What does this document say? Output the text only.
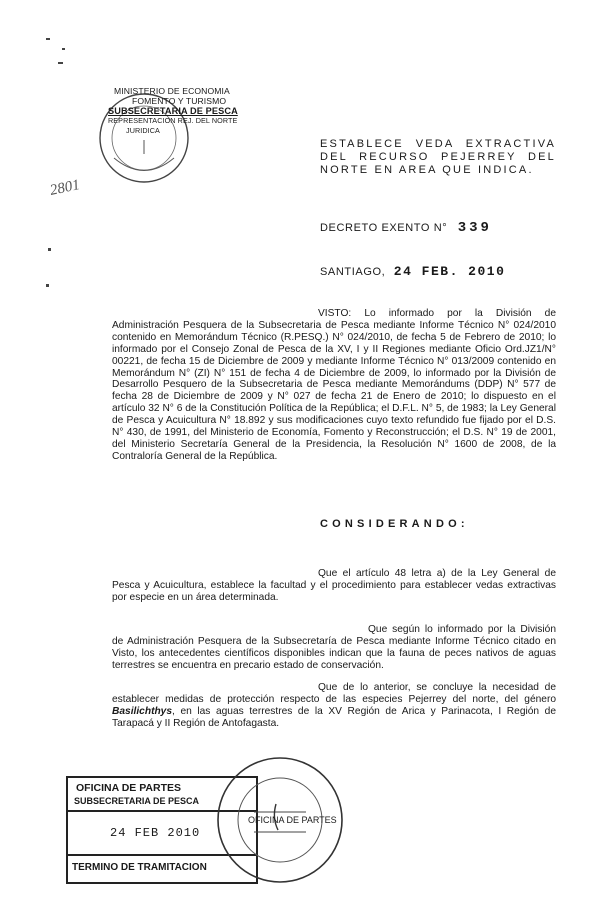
MINISTERIO DE ECONOMIA
FOMENTO Y TURISMO
SUBSECRETARIA DE PESCA
REPRESENTACION REJ. DEL NORTE
JURIDICA
2801
ESTABLECE VEDA EXTRACTIVA DEL RECURSO PEJERREY DEL NORTE EN AREA QUE INDICA.
DECRETO EXENTO N° 339
SANTIAGO, 24 FEB. 2010
VISTO: Lo informado por la División de Administración Pesquera de la Subsecretaria de Pesca mediante Informe Técnico N° 024/2010 contenido en Memorándum Técnico (R.PESQ.) N° 024/2010, de fecha 5 de Febrero de 2010; lo informado por el Consejo Zonal de Pesca de la XV, I y II Regiones mediante Oficio Ord.JZ1/N° 00221, de fecha 15 de Diciembre de 2009 y mediante Informe Técnico N° 013/2009 contenido en Memorándum N° (ZI) N° 151 de fecha 4 de Diciembre de 2009, lo informado por la División de Desarrollo Pesquero de la Subsecretaria de Pesca mediante Memorándums (DDP) N° 577 de fecha 28 de Diciembre de 2009 y N° 027 de fecha 21 de Enero de 2010; lo dispuesto en el artículo 32 N° 6 de la Constitución Política de la República; el D.F.L. N° 5, de 1983; la Ley General de Pesca y Acuicultura N° 18.892 y sus modificaciones cuyo texto refundido fue fijado por el D.S. N° 430, de 1991, del Ministerio de Economía, Fomento y Reconstrucción; el D.S. N° 19 de 2001, del Ministerio Secretaría General de la Presidencia, la Resolución N° 1600 de 2008, de la Contraloría General de la República.
CONSIDERANDO:
Que el artículo 48 letra a) de la Ley General de Pesca y Acuicultura, establece la facultad y el procedimiento para establecer vedas extractivas por especie en un área determinada.
Que según lo informado por la División de Administración Pesquera de la Subsecretaría de Pesca mediante Informe Técnico citado en Visto, los antecedentes científicos disponibles indican que la fauna de peces nativos de aguas terrestres se encuentra en precario estado de conservación.
Que de lo anterior, se concluye la necesidad de establecer medidas de protección respecto de las especies Pejerrey del norte, del género Basilichthys, en las aguas terrestres de la XV Región de Arica y Parinacota, I Región de Tarapacá y II Región de Antofagasta.
OFICINA DE PARTES
SUBSECRETARIA DE PESCA
24 FEB 2010
TERMINO DE TRAMITACION
OFICINA DE PARTES
